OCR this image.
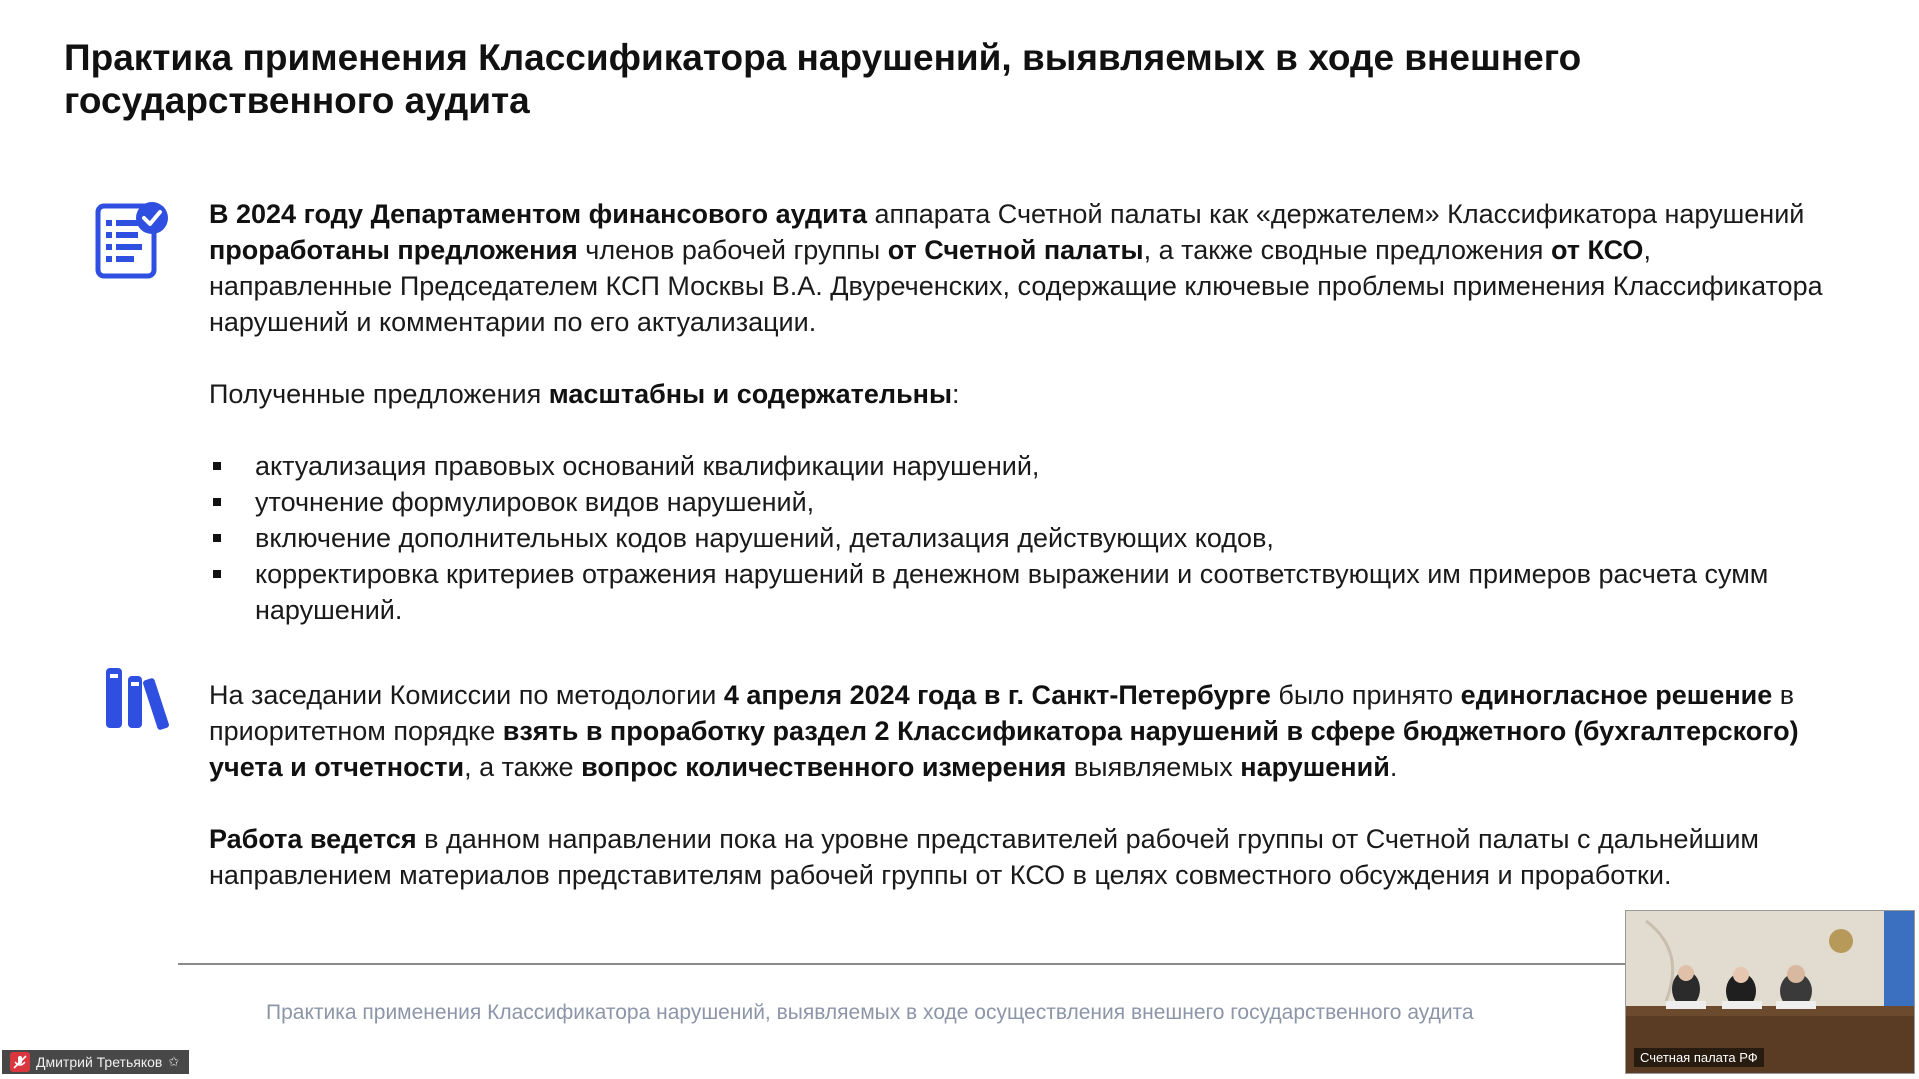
Практика применения Классификатора нарушений, выявляемых в ходе внешнего
государственного аудита

В 2024 году Департаментом финансового аудита аппарата Счетной палаты как «держателем» Классификатора нарушений проработаны предложения членов рабочей группы от Счетной палаты, а также сводные предложения от КСО, направленные Председателем КСП Москвы В.А. Двуреченских, содержащие ключевые проблемы применения Классификатора нарушений и комментарии по его актуализации.

Полученные предложения масштабны и содержательны:

актуализация правовых оснований квалификации нарушений,
уточнение формулировок видов нарушений,
включение дополнительных кодов нарушений, детализация действующих кодов,
корректировка критериев отражения нарушений в денежном выражении и соответствующих им примеров расчета сумм нарушений.

На заседании Комиссии по методологии 4 апреля 2024 года в г. Санкт-Петербурге было принято единогласное решение в приоритетном порядке взять в проработку раздел 2 Классификатора нарушений в сфере бюджетного (бухгалтерского) учета и отчетности, а также вопрос количественного измерения выявляемых нарушений.

Работа ведется в данном направлении пока на уровне представителей рабочей группы от Счетной палаты с дальнейшим направлением материалов представителям рабочей группы от КСО в целях совместного обсуждения и проработки.

Практика применения Классификатора нарушений, выявляемых в ходе осуществления внешнего государственного аудита
Счетная палата РФ
Дмитрий Третьяков ✩
